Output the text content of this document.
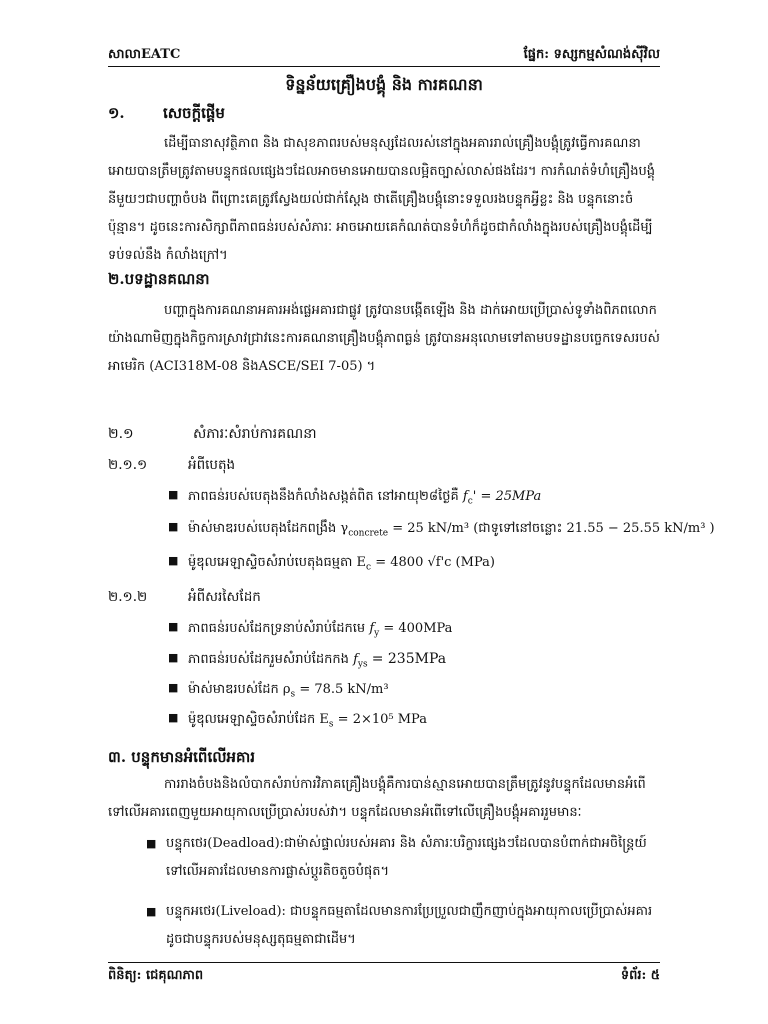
សាលាEATC	ផ្នែក: ទស្សកម្មសំណង់ស៊ីវិល
ទិន្នន័យគ្រឿងបង្គុំ និង ការគណនា
១.	សេចក្តីផ្តើម
ដើម្បីធានាសុវត្ថិភាព និង ជាសុខភាពរបស់មនុស្សដែលរស់នៅក្នុងអគាររាល់គ្រឿងបង្គុំត្រូវធ្វើការគណនាអោយបានត្រឹមត្រូវតាមបន្ទុកផលផ្សេងៗដែលអាចមានអោយបានលម្អិតច្បាស់លាស់ផងដែរ។ ការកំណត់ទំហំគ្រឿងបង្គុំនីមួយៗជាបញ្ហាចំបង ពីព្រោះគេត្រូវស្វែងយល់ជាក់ស្តែង ថាតើគ្រឿងបង្គុំនោះទទួលរងបន្ទុកអ្វីខ្លះ និង បន្ទុកនោះចំប៉ុន្មាន។ ដូចនេះការសិក្សាពីភាពធន់របស់សំភារៈ អាចអោយគេកំណត់បានទំហំក៏ដូចជាកំលាំងក្នុងរបស់គ្រឿងបង្គុំដើម្បីទប់ទល់នឹង កំលាំងក្រៅ។
២.បទដ្ឋានគណនា
បញ្ហាក្នុងការគណនាអគារអង់ផ្លេអគារជាផ្លូវ ត្រូវបានបង្កើតឡើង និង ដាក់អោយប្រើប្រាស់ទូទាំងពិភពលោកយ៉ាងណាមិញក្នុងកិច្ចការស្រាវជ្រាវនេះការគណនាគ្រឿងបង្គុំភាពធ្ងន់ ត្រូវបានអនុលោមទៅតាមបទដ្ឋានបច្ចេកទេសរបស់ អាមេរិក (ACI318M-08 និងASCE/SEI 7-05) ។
២.១	សំភារៈសំរាប់ការគណនា
២.១.១	អំពីបេតុង
■ ភាពធន់របស់បេតុងនឹងកំលាំងសង្កត់ពិត នៅអាយុ២៨ថ្ងៃគឺ $f_c' = 25MPa$
■ ម៉ាស់មាឌរបស់បេតុងដែកពង្រឹង $\gamma_{concrete} = 25$ kN/m³ (ជាទូទៅនៅចន្លោះ 21.55 − 25.55 kN/m³ )
■ ម៉ូឌុលអេឡាស្ទិចសំរាប់បេតុងធម្មតា $E_c = 4800$ √f'c (MPa)
២.១.២	អំពីសរសៃដែក
■ ភាពធន់របស់ដែកទ្រនាប់សំរាប់ដែកមេ $f_y = 400MPa$
■ ភាពធន់របស់ដែករួមសំរាប់ដែកកង $f_{ys} = 235MPa$
■ ម៉ាស់មាឌរបស់ដែក $\rho_s = 78.5$ kN/m³
■ ម៉ូឌុលអេឡាស្ទិចសំរាប់ដែក $E_s = 2\times 10^5$ MPa
៣. បន្ទុកមានអំពើលើអគារ
ការរាងចំបងនិងលំបាកសំរាប់ការវិភាគគ្រឿងបង្គុំគឺការបាន់ស្មានអោយបានត្រឹមត្រូវនូវបន្ទុកដែលមានអំពើទៅលើអគារពេញមួយអាយុកាលប្រើប្រាស់របស់វា។ បន្ទុកដែលមានអំពើទៅលើគ្រឿងបង្គុំអគាររួមមានៈ
■ បន្ទុកថេរ(Deadload):ជាម៉ាស់ផ្ទាល់របស់អគារ និង សំភារៈបរិក្ខារផ្សេងៗដែលបានបំពាក់ជាអចិន្ត្រៃយ៍ទៅលើអគារដែលមានការផ្លាស់ប្តូរតិចតួចបំផុត។
■ បន្ទុកអថេរ(Liveload): ជាបន្ទុកធម្មតាដែលមានការប្រែប្រួលជាញឹកញាប់ក្នុងអាយុកាលប្រើប្រាស់អគារ ដូចជាបន្ទុករបស់មនុស្សតុធម្មតាជាដើម។
ពិនិត្យ: ជេគុណភាព	ទំព័រ: ៥
